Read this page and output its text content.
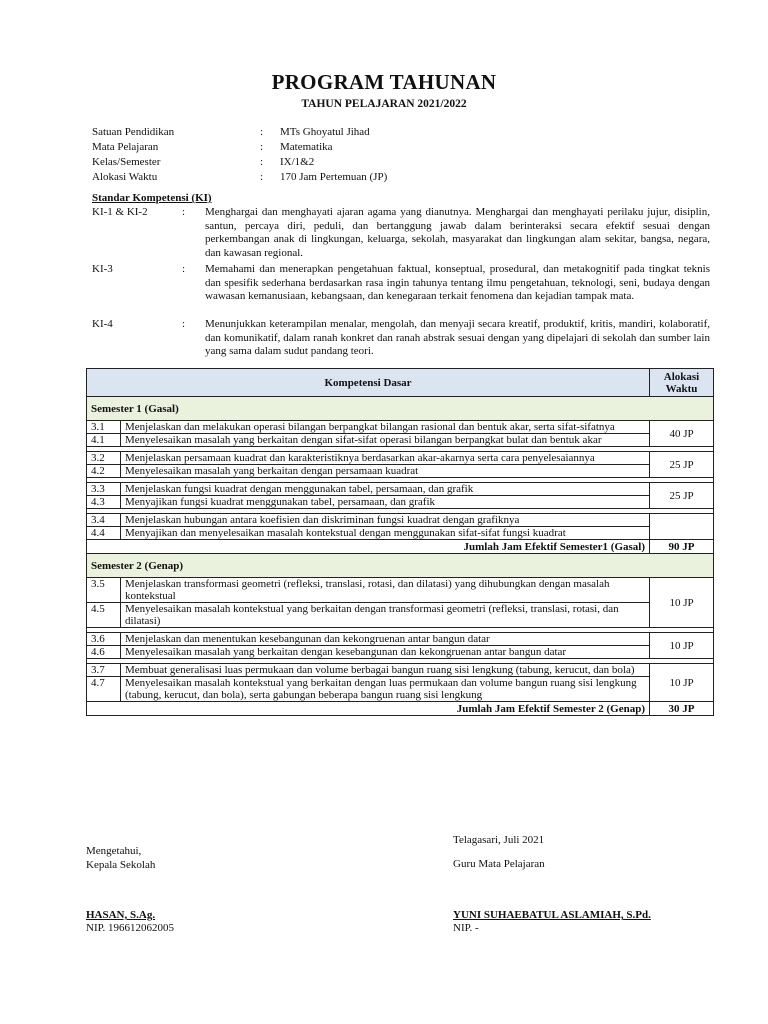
PROGRAM TAHUNAN
TAHUN PELAJARAN 2021/2022
Satuan Pendidikan	:	MTs Ghoyatul Jihad
Mata Pelajaran	:	Matematika
Kelas/Semester	:	IX/1&2
Alokasi Waktu	:	170 Jam Pertemuan (JP)
Standar Kompetensi (KI)
KI-1 & KI-2	:	Menghargai dan menghayati ajaran agama yang dianutnya. Menghargai dan menghayati perilaku jujur, disiplin, santun, percaya diri, peduli, dan bertanggung jawab dalam berinteraksi secara efektif sesuai dengan perkembangan anak di lingkungan, keluarga, sekolah, masyarakat dan lingkungan alam sekitar, bangsa, negara, dan kawasan regional.
KI-3	:	Memahami dan menerapkan pengetahuan faktual, konseptual, prosedural, dan metakognitif pada tingkat teknis dan spesifik sederhana berdasarkan rasa ingin tahunya tentang ilmu pengetahuan, teknologi, seni, budaya dengan wawasan kemanusiaan, kebangsaan, dan kenegaraan terkait fenomena dan kejadian tampak mata.
KI-4	:	Menunjukkan keterampilan menalar, mengolah, dan menyaji secara kreatif, produktif, kritis, mandiri, kolaboratif, dan komunikatif, dalam ranah konkret dan ranah abstrak sesuai dengan yang dipelajari di sekolah dan sumber lain yang sama dalam sudut pandang teori.
Kompetensi Dasar		Alokasi Waktu
Semester 1 (Gasal)		
3.1	Menjelaskan dan melakukan operasi bilangan berpangkat bilangan rasional dan bentuk akar, serta sifat-sifatnya	40 JP
4.1	Menyelesaikan masalah yang berkaitan dengan sifat-sifat operasi bilangan berpangkat bulat dan bentuk akar	

3.2	Menjelaskan persamaan kuadrat dan karakteristiknya berdasarkan akar-akarnya serta cara penyelesaiannya	25 JP
4.2	Menyelesaikan masalah yang berkaitan dengan persamaan kuadrat	

3.3	Menjelaskan fungsi kuadrat dengan menggunakan tabel, persamaan, dan grafik	25 JP
4.3	Menyajikan fungsi kuadrat menggunakan tabel, persamaan, dan grafik	

3.4	Menjelaskan hubungan antara koefisien dan diskriminan fungsi kuadrat dengan grafiknya	
4.4	Menyajikan dan menyelesaikan masalah kontekstual dengan menggunakan sifat-sifat fungsi kuadrat	
Jumlah Jam Efektif Semester1 (Gasal)		90 JP
Semester 2 (Genap)		
3.5	Menjelaskan transformasi geometri (refleksi, translasi, rotasi, dan dilatasi) yang dihubungkan dengan masalah kontekstual	10 JP
4.5	Menyelesaikan masalah kontekstual yang berkaitan dengan transformasi geometri (refleksi, translasi, rotasi, dan dilatasi)	

3.6	Menjelaskan dan menentukan kesebangunan dan kekongruenan antar bangun datar	10 JP
4.6	Menyelesaikan masalah yang berkaitan dengan kesebangunan dan kekongruenan antar bangun datar	

3.7	Membuat generalisasi luas permukaan dan volume berbagai bangun ruang sisi lengkung (tabung, kerucut, dan bola)	10 JP
4.7	Menyelesaikan masalah kontekstual yang berkaitan dengan luas permukaan dan volume bangun ruang sisi lengkung (tabung, kerucut, dan bola), serta gabungan beberapa bangun ruang sisi lengkung	
Jumlah Jam Efektif Semester 2 (Genap)		30 JP
Telagasari, Juli 2021
Mengetahui,
Kepala Sekolah	Guru Mata Pelajaran
HASAN, S.Ag.
NIP. 196612062005
YUNI SUHAEBATUL ASLAMIAH, S.Pd.
NIP. -
